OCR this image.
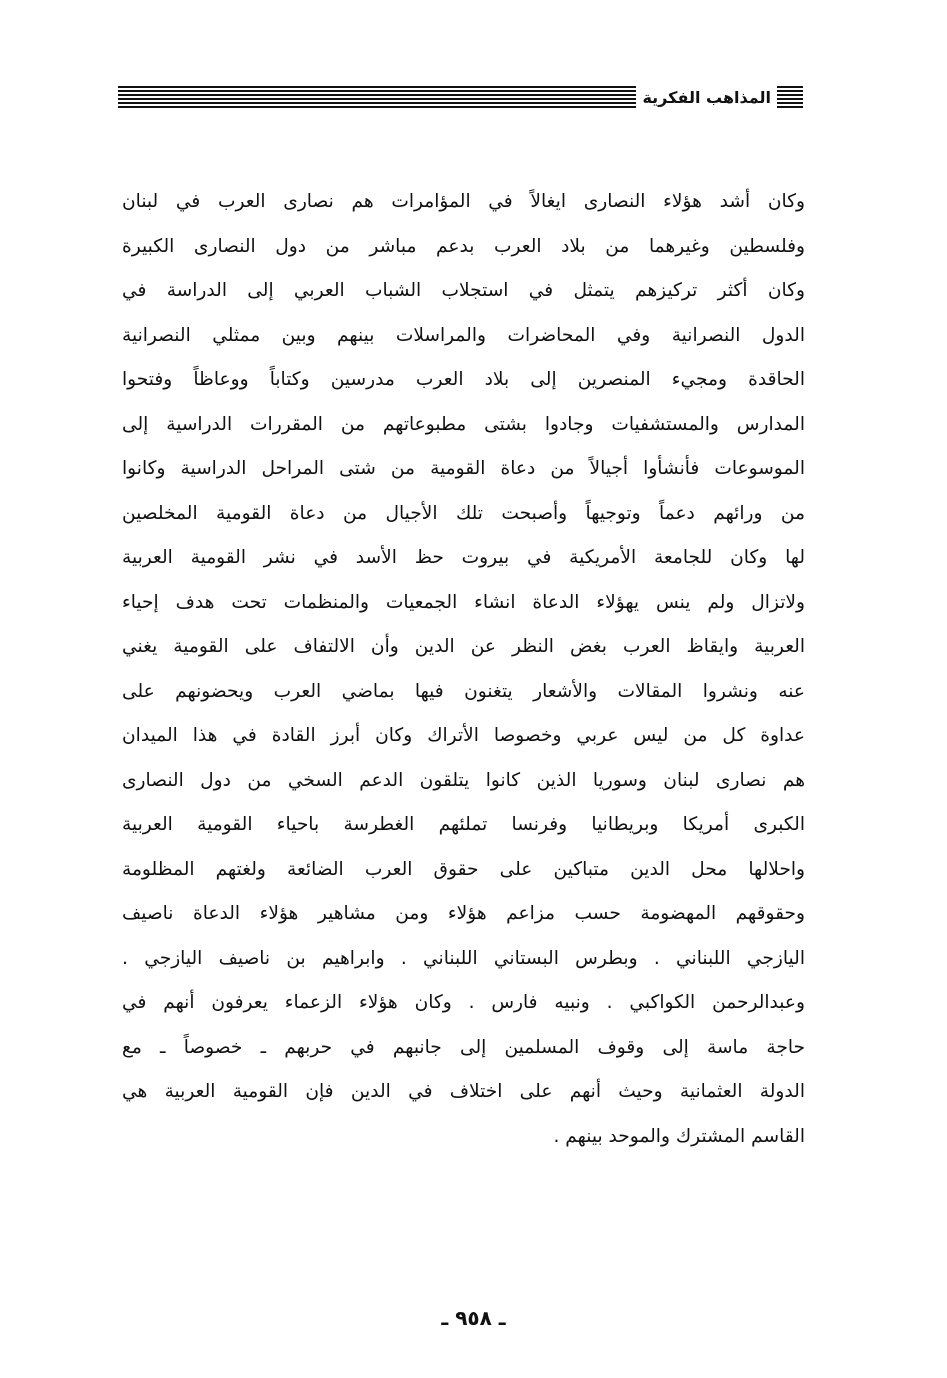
المذاهب الفكرية
وكان أشد هؤلاء النصارى ايغالاً في المؤامرات هم نصارى العرب في لبنان
وفلسطين وغيرهما من بلاد العرب بدعم مباشر من دول النصارى الكبيرة
وكان أكثر تركيزهم يتمثل في استجلاب الشباب العربي إلى الدراسة في
الدول النصرانية وفي المحاضرات والمراسلات بينهم وبين ممثلي النصرانية
الحاقدة ومجيء المنصرين إلى بلاد العرب مدرسين وكتاباً ووعاظاً وفتحوا
المدارس والمستشفيات وجادوا بشتى مطبوعاتهم من المقررات الدراسية إلى
الموسوعات فأنشأوا أجيالاً من دعاة القومية من شتى المراحل الدراسية وكانوا
من ورائهم دعماً وتوجيهاً وأصبحت تلك الأجيال من دعاة القومية المخلصين
لها وكان للجامعة الأمريكية في بيروت حظ الأسد في نشر القومية العربية
ولاتزال ولم ينس يهؤلاء الدعاة انشاء الجمعيات والمنظمات تحت هدف إحياء
العربية وايقاظ العرب بغض النظر عن الدين وأن الالتفاف على القومية يغني
عنه ونشروا المقالات والأشعار يتغنون فيها بماضي العرب ويحضونهم على
عداوة كل من ليس عربي وخصوصا الأتراك وكان أبرز القادة في هذا الميدان
هم نصارى لبنان وسوريا الذين كانوا يتلقون الدعم السخي من دول النصارى
الكبرى أمريكا وبريطانيا وفرنسا تملئهم الغطرسة باحياء القومية العربية
واحلالها محل الدين متباكين على حقوق العرب الضائعة ولغتهم المظلومة
وحقوقهم المهضومة حسب مزاعم هؤلاء ومن مشاهير هؤلاء الدعاة ناصيف
اليازجي اللبناني . وبطرس البستاني اللبناني . وابراهيم بن ناصيف اليازجي .
وعبدالرحمن الكواكبي . ونبيه فارس . وكان هؤلاء الزعماء يعرفون أنهم في
حاجة ماسة إلى وقوف المسلمين إلى جانبهم في حربهم ـ خصوصاً ـ مع
الدولة العثمانية وحيث أنهم على اختلاف في الدين فإن القومية العربية هي
القاسم المشترك والموحد بينهم .
ـ ٩٥٨ ـ
